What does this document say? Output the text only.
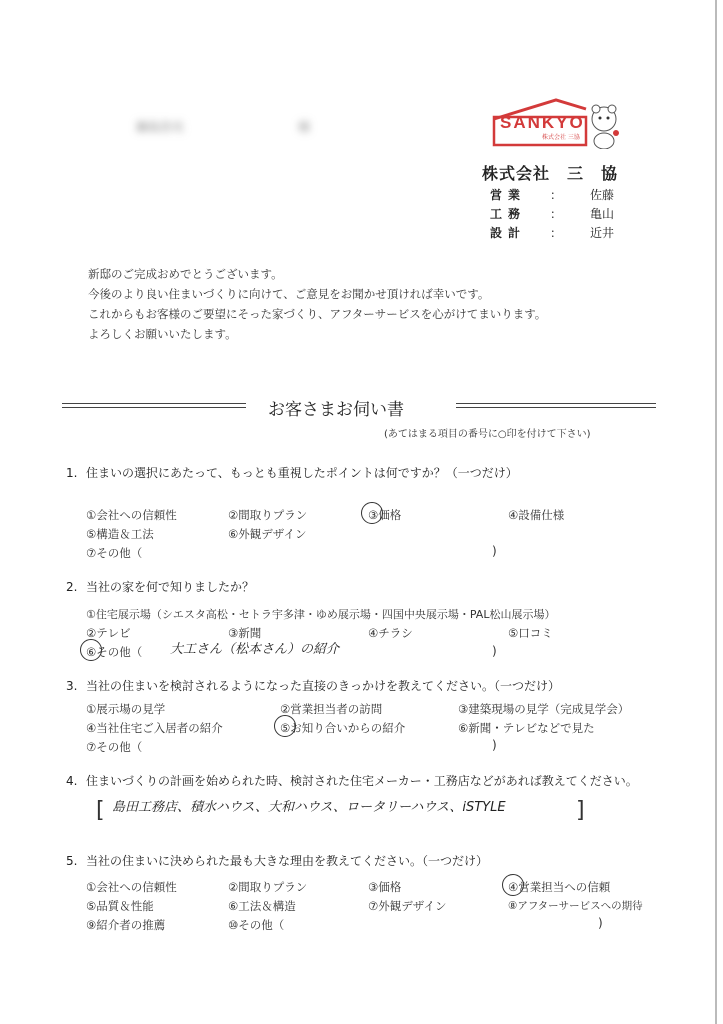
鍋島浩光	様	SANKYO
株式会社 三協
株式会社　三　協
営業	： 佐藤
工務	： 亀山
設計	： 近井
新邸のご完成おめでとうございます。
今後のより良い住まいづくりに向けて、ご意見をお聞かせ頂ければ幸いです。
これからもお客様のご要望にそった家づくり、アフターサービスを心がけてまいります。
よろしくお願いいたします。
お客さまお伺い書
(あてはまる項目の番号に○印を付けて下さい)
1. 住まいの選択にあたって、もっとも重視したポイントは何ですか？（一つだけ）
①会社への信頼性	②間取りプラン	③価格	④設備仕様
⑤構造＆工法	⑥外観デザイン
⑦その他（	)
2. 当社の家を何で知りましたか？
①住宅展示場（シエスタ高松・セトラ宇多津・ゆめ展示場・四国中央展示場・PAL松山展示場）
②テレビ	③新聞	④チラシ	⑤口コミ
⑥その他（ 大工さん（松本さん）の紹介	)
3. 当社の住まいを検討されるようになった直接のきっかけを教えてください。（一つだけ）
①展示場の見学	②営業担当者の訪問	③建築現場の見学（完成見学会）
④当社住宅ご入居者の紹介	⑤お知り合いからの紹介	⑥新聞・テレビなどで見た
⑦その他（	)
4. 住まいづくりの計画を始められた時、検討された住宅メーカー・工務店などがあれば教えてください。
[ 島田工務店、積水ハウス、大和ハウス、ロータリーハウス、iSTYLE	]
5. 当社の住まいに決められた最も大きな理由を教えてください。（一つだけ）
①会社への信頼性	②間取りプラン	③価格	④営業担当への信頼
⑤品質＆性能	⑥工法＆構造	⑦外観デザイン	⑧アフターサービスへの期待
⑨紹介者の推薦	⑩その他（	)
